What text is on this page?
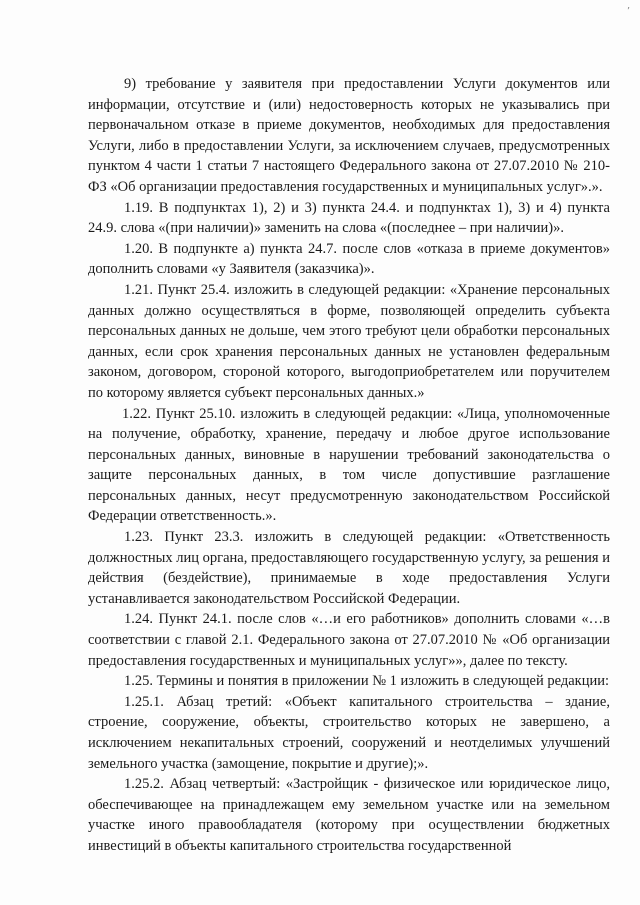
’

9) требование у заявителя при предоставлении Услуги документов или информации, отсутствие и (или) недостоверность которых не указывались при первоначальном отказе в приеме документов, необходимых для предоставления Услуги, либо в предоставлении Услуги, за исключением случаев, предусмотренных пунктом 4 части 1 статьи 7 настоящего Федерального закона от 27.07.2010 № 210-ФЗ «Об организации предоставления государственных и муниципальных услуг».».

1.19. В подпунктах 1), 2) и 3) пункта 24.4. и подпунктах 1), 3) и 4) пункта 24.9. слова «(при наличии)» заменить на слова «(последнее – при наличии)».

1.20. В подпункте а) пункта 24.7. после слов «отказа в приеме документов» дополнить словами «у Заявителя (заказчика)».

1.21. Пункт 25.4. изложить в следующей редакции: «Хранение персональных данных должно осуществляться в форме, позволяющей определить субъекта персональных данных не дольше, чем этого требуют цели обработки персональных данных, если срок хранения персональных данных не установлен федеральным законом, договором, стороной которого, выгодоприобретателем или поручителем по которому является субъект персональных данных.»

1.22. Пункт 25.10. изложить в следующей редакции: «Лица, уполномоченные на получение, обработку, хранение, передачу и любое другое использование персональных данных, виновные в нарушении требований законодательства о защите персональных данных, в том числе допустившие разглашение персональных данных, несут предусмотренную законодательством Российской Федерации ответственность.».

1.23. Пункт 23.3. изложить в следующей редакции: «Ответственность должностных лиц органа, предоставляющего государственную услугу, за решения и действия (бездействие), принимаемые в ходе предоставления Услуги устанавливается законодательством Российской Федерации.

1.24. Пункт 24.1. после слов «…и его работников» дополнить словами «…в соответствии с главой 2.1. Федерального закона от 27.07.2010 № «Об организации предоставления государственных и муниципальных услуг»», далее по тексту.

1.25. Термины и понятия в приложении № 1 изложить в следующей редакции:

1.25.1. Абзац третий: «Объект капитального строительства – здание, строение, сооружение, объекты, строительство которых не завершено, а исключением некапитальных строений, сооружений и неотделимых улучшений земельного участка (замощение, покрытие и другие);».

1.25.2. Абзац четвертый: «Застройщик - физическое или юридическое лицо, обеспечивающее на принадлежащем ему земельном участке или на земельном участке иного правообладателя (которому при осуществлении бюджетных инвестиций в объекты капитального строительства государственной
